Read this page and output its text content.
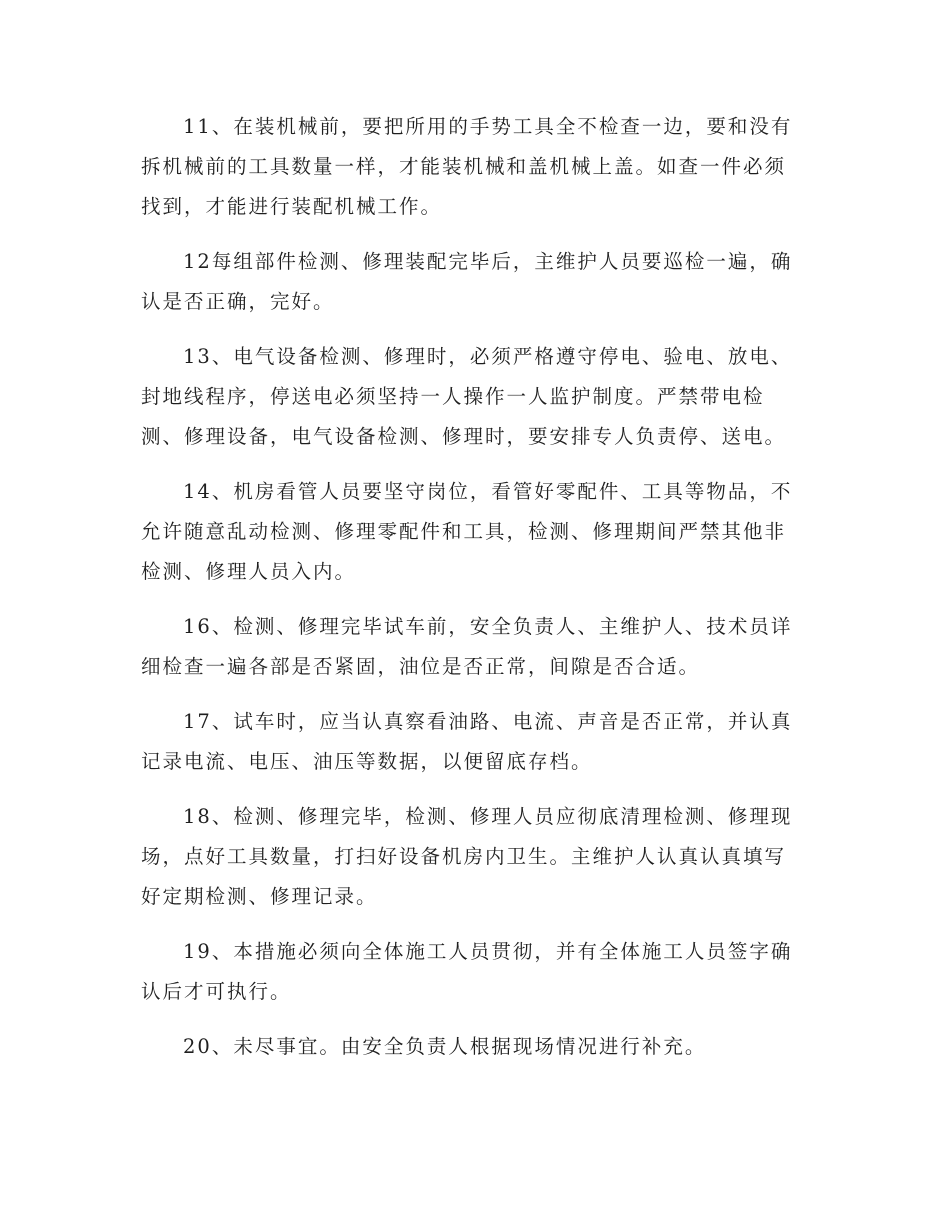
11、在装机械前，要把所用的手势工具全不检查一边，要和没有
拆机械前的工具数量一样，才能装机械和盖机械上盖。如查一件必须
找到，才能进行装配机械工作。

12每组部件检测、修理装配完毕后，主维护人员要巡检一遍，确
认是否正确，完好。

13、电气设备检测、修理时，必须严格遵守停电、验电、放电、
封地线程序，停送电必须坚持一人操作一人监护制度。严禁带电检
测、修理设备，电气设备检测、修理时，要安排专人负责停、送电。

14、机房看管人员要坚守岗位，看管好零配件、工具等物品，不
允许随意乱动检测、修理零配件和工具，检测、修理期间严禁其他非
检测、修理人员入内。

16、检测、修理完毕试车前，安全负责人、主维护人、技术员详
细检查一遍各部是否紧固，油位是否正常，间隙是否合适。

17、试车时，应当认真察看油路、电流、声音是否正常，并认真
记录电流、电压、油压等数据，以便留底存档。

18、检测、修理完毕，检测、修理人员应彻底清理检测、修理现
场，点好工具数量，打扫好设备机房内卫生。主维护人认真认真填写
好定期检测、修理记录。

19、本措施必须向全体施工人员贯彻，并有全体施工人员签字确
认后才可执行。

20、未尽事宜。由安全负责人根据现场情况进行补充。
